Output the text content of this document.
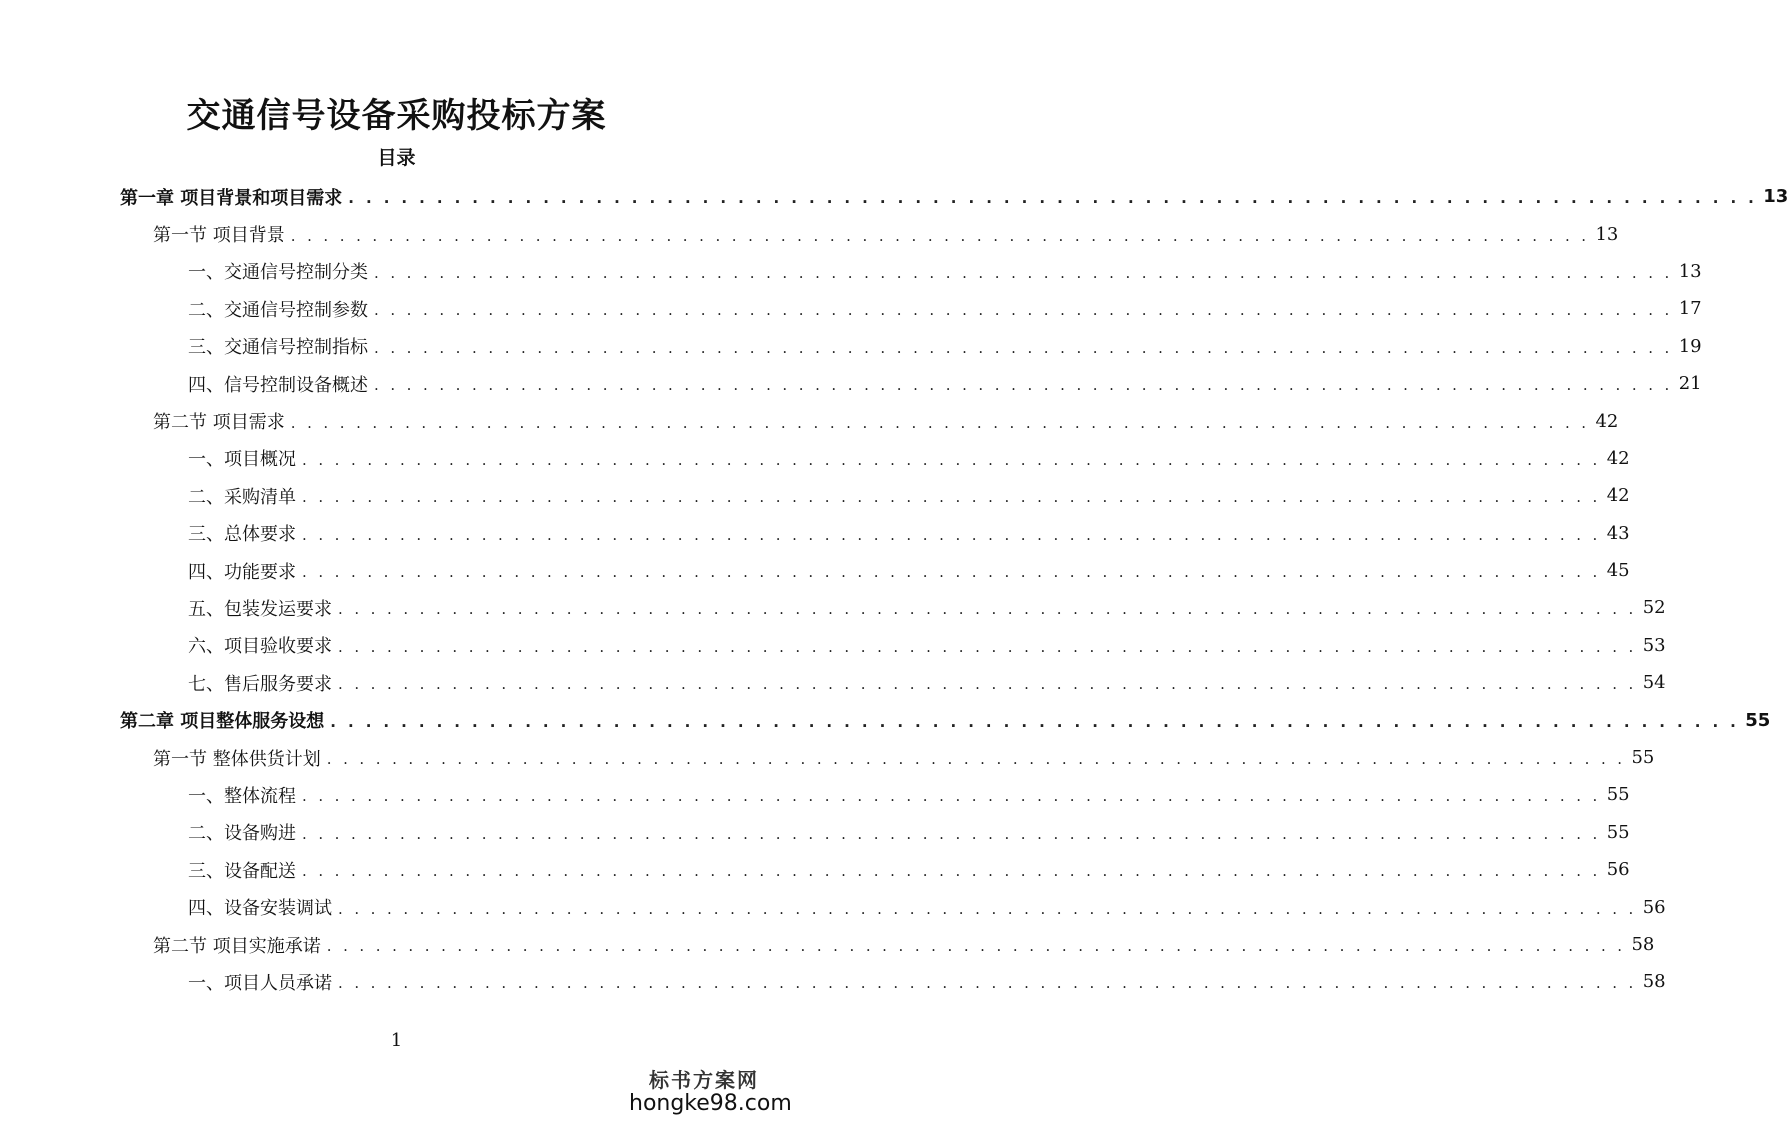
交通信号设备采购投标方案
目录
第一章 项目背景和项目需求 . . . . . . . . . . . . . . . . . . . . . . . . . . . . . . . . . . . . . . . . . . . . . . . . . . . . . . . . . . . . . . . . . . . . . . . . . . . . . . . . 13
第一节 项目背景 . . . . . . . . . . . . . . . . . . . . . . . . . . . . . . . . . . . . . . . . . . . . . . . . . . . . . . . . . . . . . . . . . . . . . . . . . . . . . . . . 13
一、交通信号控制分类 . . . . . . . . . . . . . . . . . . . . . . . . . . . . . . . . . . . . . . . . . . . . . . . . . . . . . . . . . . . . . . . . . . . . . . . . . . . . . . . . 13
二、交通信号控制参数 . . . . . . . . . . . . . . . . . . . . . . . . . . . . . . . . . . . . . . . . . . . . . . . . . . . . . . . . . . . . . . . . . . . . . . . . . . . . . . . . 17
三、交通信号控制指标 . . . . . . . . . . . . . . . . . . . . . . . . . . . . . . . . . . . . . . . . . . . . . . . . . . . . . . . . . . . . . . . . . . . . . . . . . . . . . . . . 19
四、信号控制设备概述 . . . . . . . . . . . . . . . . . . . . . . . . . . . . . . . . . . . . . . . . . . . . . . . . . . . . . . . . . . . . . . . . . . . . . . . . . . . . . . . . 21
第二节 项目需求 . . . . . . . . . . . . . . . . . . . . . . . . . . . . . . . . . . . . . . . . . . . . . . . . . . . . . . . . . . . . . . . . . . . . . . . . . . . . . . . . 42
一、项目概况 . . . . . . . . . . . . . . . . . . . . . . . . . . . . . . . . . . . . . . . . . . . . . . . . . . . . . . . . . . . . . . . . . . . . . . . . . . . . . . . . 42
二、采购清单 . . . . . . . . . . . . . . . . . . . . . . . . . . . . . . . . . . . . . . . . . . . . . . . . . . . . . . . . . . . . . . . . . . . . . . . . . . . . . . . . 42
三、总体要求 . . . . . . . . . . . . . . . . . . . . . . . . . . . . . . . . . . . . . . . . . . . . . . . . . . . . . . . . . . . . . . . . . . . . . . . . . . . . . . . . 43
四、功能要求 . . . . . . . . . . . . . . . . . . . . . . . . . . . . . . . . . . . . . . . . . . . . . . . . . . . . . . . . . . . . . . . . . . . . . . . . . . . . . . . . 45
五、包装发运要求 . . . . . . . . . . . . . . . . . . . . . . . . . . . . . . . . . . . . . . . . . . . . . . . . . . . . . . . . . . . . . . . . . . . . . . . . . . . . . . . . 52
六、项目验收要求 . . . . . . . . . . . . . . . . . . . . . . . . . . . . . . . . . . . . . . . . . . . . . . . . . . . . . . . . . . . . . . . . . . . . . . . . . . . . . . . . 53
七、售后服务要求 . . . . . . . . . . . . . . . . . . . . . . . . . . . . . . . . . . . . . . . . . . . . . . . . . . . . . . . . . . . . . . . . . . . . . . . . . . . . . . . . 54
第二章 项目整体服务设想 . . . . . . . . . . . . . . . . . . . . . . . . . . . . . . . . . . . . . . . . . . . . . . . . . . . . . . . . . . . . . . . . . . . . . . . . . . . . . . . . 55
第一节 整体供货计划 . . . . . . . . . . . . . . . . . . . . . . . . . . . . . . . . . . . . . . . . . . . . . . . . . . . . . . . . . . . . . . . . . . . . . . . . . . . . . . . . 55
一、整体流程 . . . . . . . . . . . . . . . . . . . . . . . . . . . . . . . . . . . . . . . . . . . . . . . . . . . . . . . . . . . . . . . . . . . . . . . . . . . . . . . . 55
二、设备购进 . . . . . . . . . . . . . . . . . . . . . . . . . . . . . . . . . . . . . . . . . . . . . . . . . . . . . . . . . . . . . . . . . . . . . . . . . . . . . . . . 55
三、设备配送 . . . . . . . . . . . . . . . . . . . . . . . . . . . . . . . . . . . . . . . . . . . . . . . . . . . . . . . . . . . . . . . . . . . . . . . . . . . . . . . . 56
四、设备安装调试 . . . . . . . . . . . . . . . . . . . . . . . . . . . . . . . . . . . . . . . . . . . . . . . . . . . . . . . . . . . . . . . . . . . . . . . . . . . . . . . . 56
第二节 项目实施承诺 . . . . . . . . . . . . . . . . . . . . . . . . . . . . . . . . . . . . . . . . . . . . . . . . . . . . . . . . . . . . . . . . . . . . . . . . . . . . . . . . 58
一、项目人员承诺 . . . . . . . . . . . . . . . . . . . . . . . . . . . . . . . . . . . . . . . . . . . . . . . . . . . . . . . . . . . . . . . . . . . . . . . . . . . . . . . . 58
1
标书方案网
hongke98.com
